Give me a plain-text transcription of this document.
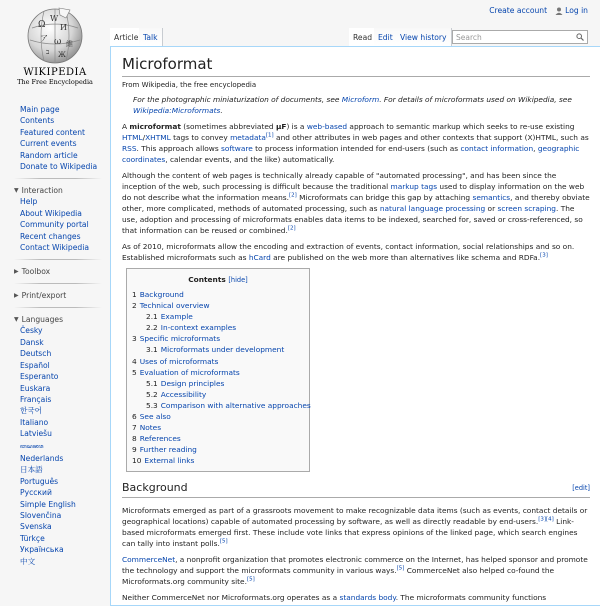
Ω
W
И
ア ω 維
ב Ж
WIKIPEDIA
The Free Encyclopedia
Main page
Contents
Featured content
Current events
Random article
Donate to Wikipedia
▼ Interaction
Help
About Wikipedia
Community portal
Recent changes
Contact Wikipedia
▶ Toolbox
▶ Print/export
▼ Languages
Česky
Dansk
Deutsch
Español
Esperanto
Euskara
Français
한국어
Italiano
Latviešu
ꦧꦱꦗꦮ
Nederlands
日本語
Português
Русский
Simple English
Slovenčina
Svenska
Türkçe
Українська
中文
Create account Log in
Article Talk	Read Edit View history Search
Microformat
From Wikipedia, the free encyclopedia
For the photographic miniaturization of documents, see Microform. For details of microformats used on Wikipedia, see Wikipedia:Microformats.

A microformat (sometimes abbreviated μF) is a web-based approach to semantic markup which seeks to re-use existing HTML/XHTML tags to convey metadata[1] and other attributes in web pages and other contexts that support (X)HTML, such as RSS. This approach allows software to process information intended for end-users (such as contact information, geographic coordinates, calendar events, and the like) automatically.

Although the content of web pages is technically already capable of "automated processing", and has been since the inception of the web, such processing is difficult because the traditional markup tags used to display information on the web do not describe what the information means.[2] Microformats can bridge this gap by attaching semantics, and thereby obviate other, more complicated, methods of automated processing, such as natural language processing or screen scraping. The use, adoption and processing of microformats enables data items to be indexed, searched for, saved or cross-referenced, so that information can be reused or combined.[2]

As of 2010, microformats allow the encoding and extraction of events, contact information, social relationships and so on. Established microformats such as hCard are published on the web more than alternatives like schema and RDFa.[3]

Contents [hide]
1 Background
2 Technical overview
2.1 Example
2.2 In-context examples
3 Specific microformats
3.1 Microformats under development
4 Uses of microformats
5 Evaluation of microformats
5.1 Design principles
5.2 Accessibility
5.3 Comparison with alternative approaches
6 See also
7 Notes
8 References
9 Further reading
10 External links
Background	[edit]

Microformats emerged as part of a grassroots movement to make recognizable data items (such as events, contact details or geographical locations) capable of automated processing by software, as well as directly readable by end-users.[3][4] Link-based microformats emerged first. These include vote links that express opinions of the linked page, which search engines can tally into instant polls.[5]

CommerceNet, a nonprofit organization that promotes electronic commerce on the Internet, has helped sponsor and promote the technology and support the microformats community in various ways.[5] CommerceNet also helped co-found the Microformats.org community site.[5]

Neither CommerceNet nor Microformats.org operates as a standards body. The microformats community functions
